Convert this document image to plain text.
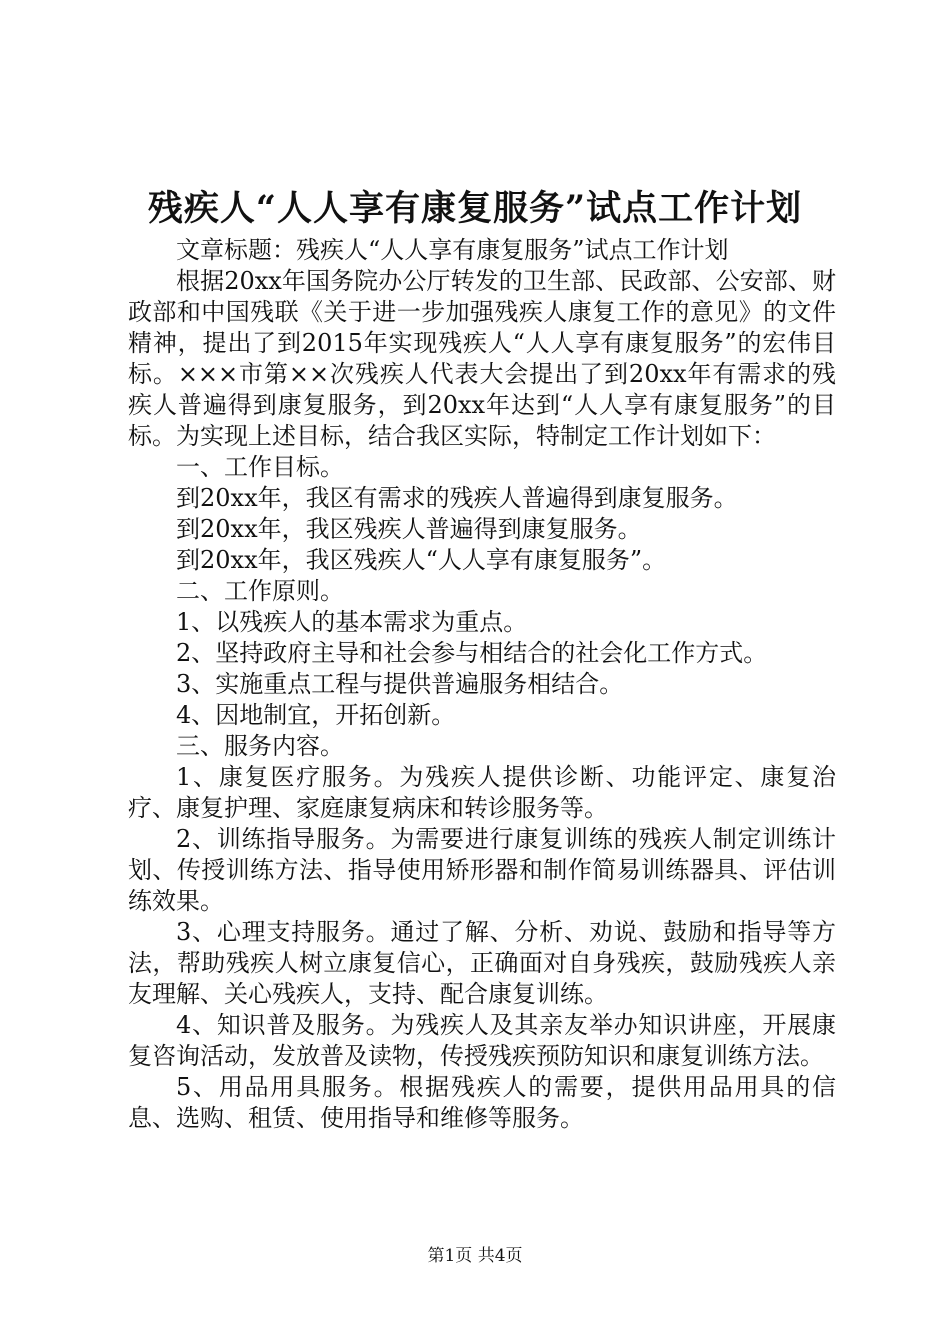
残疾人“人人享有康复服务”试点工作计划

文章标题：残疾人“人人享有康复服务”试点工作计划

根据20xx年国务院办公厅转发的卫生部、民政部、公安部、财政部和中国残联《关于进一步加强残疾人康复工作的意见》的文件精神，提出了到2015年实现残疾人“人人享有康复服务”的宏伟目标。×××市第××次残疾人代表大会提出了到20xx年有需求的残疾人普遍得到康复服务，到20xx年达到“人人享有康复服务”的目标。为实现上述目标，结合我区实际，特制定工作计划如下：

一、工作目标。

到20xx年，我区有需求的残疾人普遍得到康复服务。

到20xx年，我区残疾人普遍得到康复服务。

到20xx年，我区残疾人“人人享有康复服务”。

二、工作原则。

1、以残疾人的基本需求为重点。

2、坚持政府主导和社会参与相结合的社会化工作方式。

3、实施重点工程与提供普遍服务相结合。

4、因地制宜，开拓创新。

三、服务内容。

1、康复医疗服务。为残疾人提供诊断、功能评定、康复治疗、康复护理、家庭康复病床和转诊服务等。

2、训练指导服务。为需要进行康复训练的残疾人制定训练计划、传授训练方法、指导使用矫形器和制作简易训练器具、评估训练效果。

3、心理支持服务。通过了解、分析、劝说、鼓励和指导等方法，帮助残疾人树立康复信心，正确面对自身残疾，鼓励残疾人亲友理解、关心残疾人，支持、配合康复训练。

4、知识普及服务。为残疾人及其亲友举办知识讲座，开展康复咨询活动，发放普及读物，传授残疾预防知识和康复训练方法。

5、用品用具服务。根据残疾人的需要，提供用品用具的信息、选购、租赁、使用指导和维修等服务。

第1页 共4页
